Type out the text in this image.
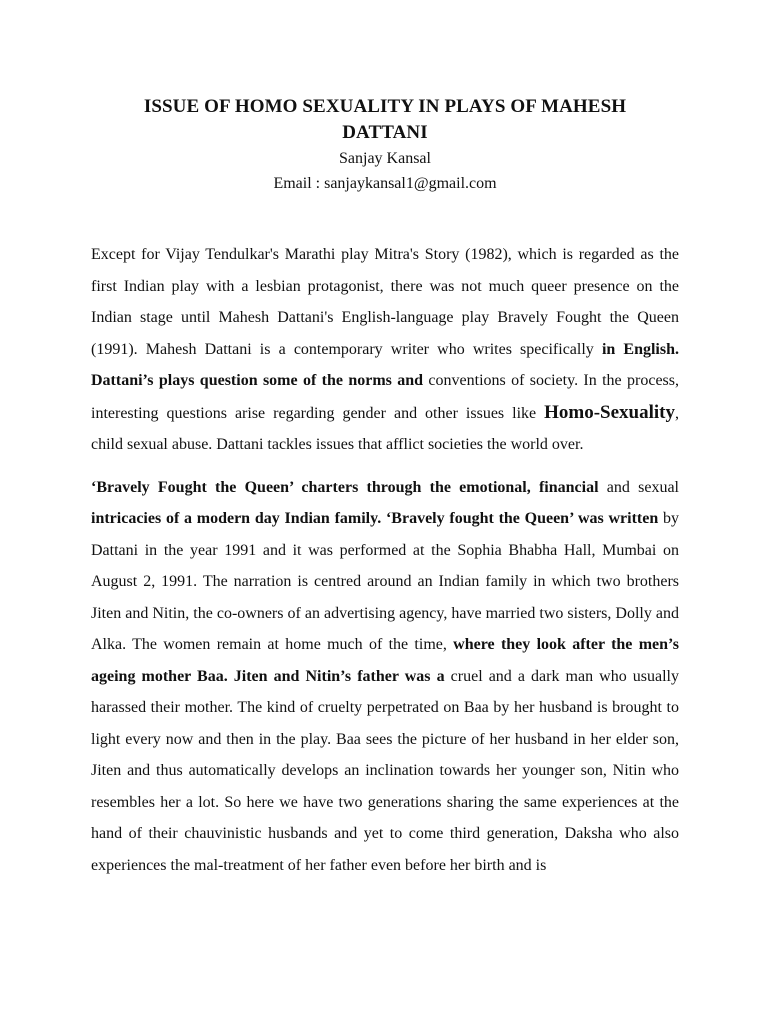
ISSUE OF HOMO SEXUALITY IN PLAYS OF MAHESH
DATTANI

Sanjay Kansal

Email : sanjaykansal1@gmail.com

Except for Vijay Tendulkar's Marathi play Mitra's Story (1982), which is regarded as the first Indian play with a lesbian protagonist, there was not much queer presence on the Indian stage until Mahesh Dattani's English-language play Bravely Fought the Queen (1991). Mahesh Dattani is a contemporary writer who writes specifically in English. Dattani’s plays question some of the norms and conventions of society. In the process, interesting questions arise regarding gender and other issues like Homo-Sexuality, child sexual abuse. Dattani tackles issues that afflict societies the world over.

‘Bravely Fought the Queen’ charters through the emotional, financial and sexual intricacies of a modern day Indian family. ‘Bravely fought the Queen’ was written by Dattani in the year 1991 and it was performed at the Sophia Bhabha Hall, Mumbai on August 2, 1991. The narration is centred around an Indian family in which two brothers Jiten and Nitin, the co-owners of an advertising agency, have married two sisters, Dolly and Alka. The women remain at home much of the time, where they look after the men’s ageing mother Baa. Jiten and Nitin’s father was a cruel and a dark man who usually harassed their mother. The kind of cruelty perpetrated on Baa by her husband is brought to light every now and then in the play. Baa sees the picture of her husband in her elder son, Jiten and thus automatically develops an inclination towards her younger son, Nitin who resembles her a lot. So here we have two generations sharing the same experiences at the hand of their chauvinistic husbands and yet to come third generation, Daksha who also experiences the mal-treatment of her father even before her birth and is
